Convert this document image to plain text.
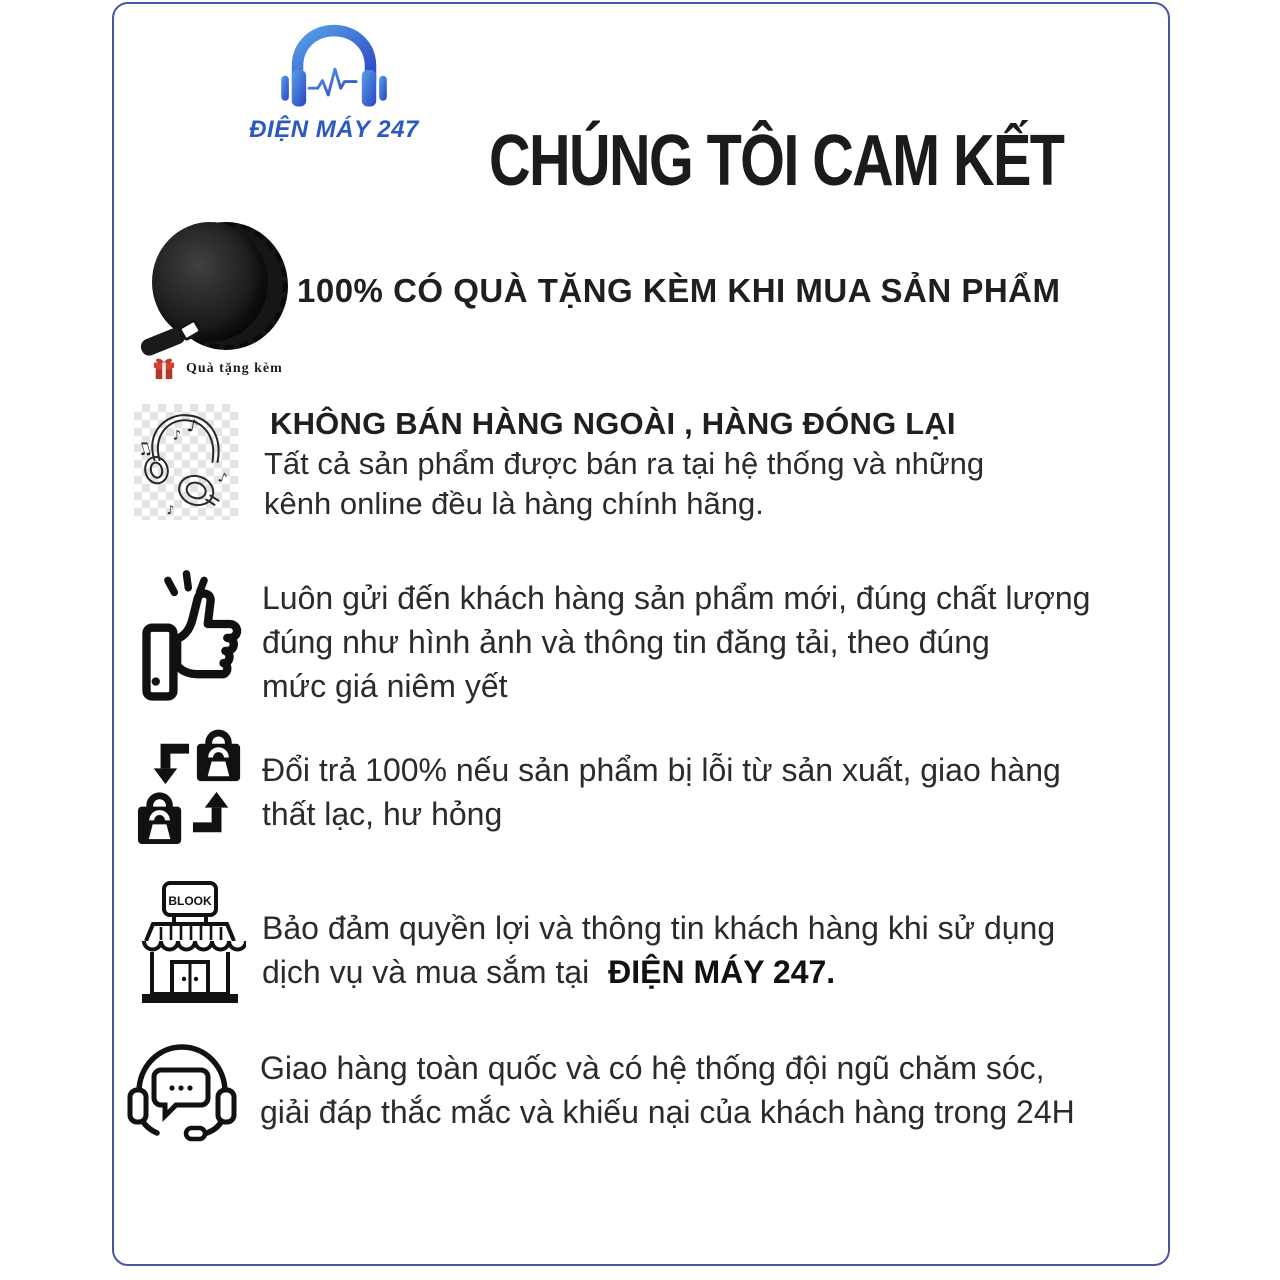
ĐIỆN MÁY 247 CHÚNG TÔI CAM KẾT
Quà tặng kèm
100% CÓ QUÀ TẶNG KÈM KHI MUA SẢN PHẨM
♫
♪ ♪
♪
♪
KHÔNG BÁN HÀNG NGOÀI , HÀNG ĐÓNG LẠI
Tất cả sản phẩm được bán ra tại hệ thống và những
kênh online đều là hàng chính hãng.
Luôn gửi đến khách hàng sản phẩm mới, đúng chất lượng
đúng như hình ảnh và thông tin đăng tải, theo đúng
mức giá niêm yết
Đổi trả 100% nếu sản phẩm bị lỗi từ sản xuất, giao hàng
thất lạc, hư hỏng
BLOOK
Bảo đảm quyền lợi và thông tin khách hàng khi sử dụng
dịch vụ và mua sắm tại ĐIỆN MÁY 247.
Giao hàng toàn quốc và có hệ thống đội ngũ chăm sóc,
giải đáp thắc mắc và khiếu nại của khách hàng trong 24H
